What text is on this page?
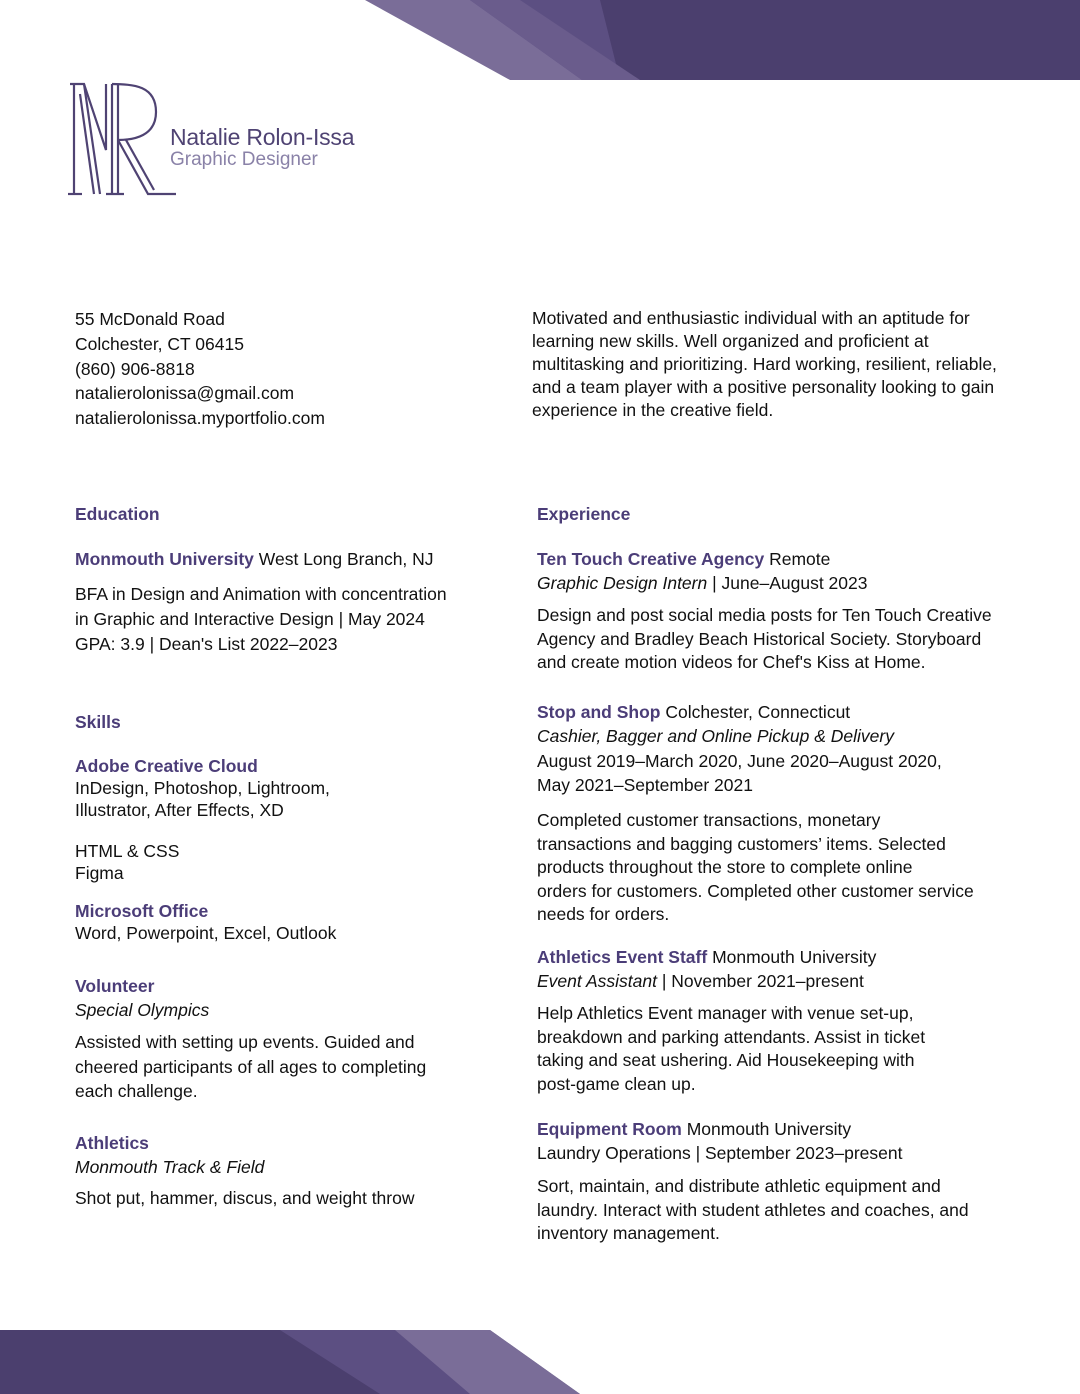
Natalie Rolon-Issa
Graphic Designer
55 McDonald Road
Colchester, CT 06415
(860) 906-8818
natalierolonissa@gmail.com
natalierolonissa.myportfolio.com
Motivated and enthusiastic individual with an aptitude for learning new skills. Well organized and proficient at multitasking and prioritizing. Hard working, resilient, reliable, and a team player with a positive personality looking to gain experience in the creative field.
Education
Monmouth University West Long Branch, NJ
BFA in Design and Animation with concentration
in Graphic and Interactive Design | May 2024
GPA: 3.9 | Dean's List 2022–2023
Skills
Adobe Creative Cloud
InDesign, Photoshop, Lightroom,
Illustrator, After Effects, XD
HTML & CSS
Figma
Microsoft Office
Word, Powerpoint, Excel, Outlook
Volunteer
Special Olympics
Assisted with setting up events. Guided and
cheered participants of all ages to completing
each challenge.
Athletics
Monmouth Track & Field
Shot put, hammer, discus, and weight throw
Experience
Ten Touch Creative Agency Remote
Graphic Design Intern | June–August 2023
Design and post social media posts for Ten Touch Creative
Agency and Bradley Beach Historical Society. Storyboard
and create motion videos for Chef's Kiss at Home.
Stop and Shop Colchester, Connecticut
Cashier, Bagger and Online Pickup & Delivery
August 2019–March 2020, June 2020–August 2020,
May 2021–September 2021
Completed customer transactions, monetary
transactions and bagging customers’ items. Selected
products throughout the store to complete online
orders for customers. Completed other customer service
needs for orders.
Athletics Event Staff Monmouth University
Event Assistant | November 2021–present
Help Athletics Event manager with venue set-up,
breakdown and parking attendants. Assist in ticket
taking and seat ushering. Aid Housekeeping with
post-game clean up.
Equipment Room Monmouth University
Laundry Operations | September 2023–present
Sort, maintain, and distribute athletic equipment and
laundry. Interact with student athletes and coaches, and
inventory management.
